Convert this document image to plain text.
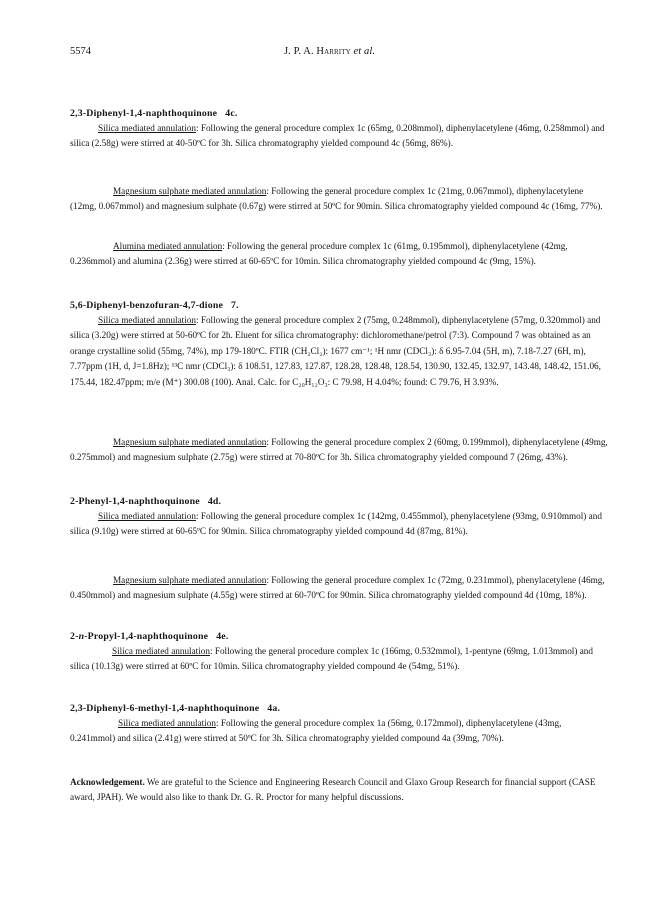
5574	J. P. A. Harrity et al.
2,3-Diphenyl-1,4-naphthoquinone 4c.

Silica mediated annulation: Following the general procedure complex 1c (65mg, 0.208mmol), diphenylacetylene (46mg, 0.258mmol) and silica (2.58g) were stirred at 40-50ºC for 3h. Silica chromatography yielded compound 4c (56mg, 86%).

Magnesium sulphate mediated annulation: Following the general procedure complex 1c (21mg, 0.067mmol), diphenylacetylene (12mg, 0.067mmol) and magnesium sulphate (0.67g) were stirred at 50ºC for 90min. Silica chromatography yielded compound 4c (16mg, 77%).

Alumina mediated annulation: Following the general procedure complex 1c (61mg, 0.195mmol), diphenylacetylene (42mg, 0.236mmol) and alumina (2.36g) were stirred at 60-65ºC for 10min. Silica chromatography yielded compound 4c (9mg, 15%).

5,6-Diphenyl-benzofuran-4,7-dione 7.

Silica mediated annulation: Following the general procedure complex 2 (75mg, 0.248mmol), diphenylacetylene (57mg, 0.320mmol) and silica (3.20g) were stirred at 50-60ºC for 2h. Eluent for silica chromatography: dichloromethane/petrol (7:3). Compound 7 was obtained as an orange crystalline solid (55mg, 74%), mp 179-180ºC. FTIR (CH₂Cl₂): 1677 cm⁻¹; ¹H nmr (CDCl₃): δ 6.95-7.04 (5H, m), 7.18-7.27 (6H, m), 7.77ppm (1H, d, J=1.8Hz); ¹³C nmr (CDCl₃): δ 108.51, 127.83, 127.87, 128.28, 128.48, 128.54, 130.90, 132.45, 132.97, 143.48, 148.42, 151.06, 175.44, 182.47ppm; m/e (M⁺) 300.08 (100). Anal. Calc. for C₂₀H₁₂O₃: C 79.98, H 4.04%; found: C 79.76, H 3.93%.

Magnesium sulphate mediated annulation: Following the general procedure complex 2 (60mg, 0.199mmol), diphenylacetylene (49mg, 0.275mmol) and magnesium sulphate (2.75g) were stirred at 70-80ºC for 3h. Silica chromatography yielded compound 7 (26mg, 43%).

2-Phenyl-1,4-naphthoquinone 4d.

Silica mediated annulation: Following the general procedure complex 1c (142mg, 0.455mmol), phenylacetylene (93mg, 0.910mmol) and silica (9.10g) were stirred at 60-65ºC for 90min. Silica chromatography yielded compound 4d (87mg, 81%).

Magnesium sulphate mediated annulation: Following the general procedure complex 1c (72mg, 0.231mmol), phenylacetylene (46mg, 0.450mmol) and magnesium sulphate (4.55g) were stirred at 60-70ºC for 90min. Silica chromatography yielded compound 4d (10mg, 18%).

2-n-Propyl-1,4-naphthoquinone 4e.

Silica mediated annulation: Following the general procedure complex 1c (166mg, 0.532mmol), 1-pentyne (69mg, 1.013mmol) and silica (10.13g) were stirred at 60ºC for 10min. Silica chromatography yielded compound 4e (54mg, 51%).

2,3-Diphenyl-6-methyl-1,4-naphthoquinone 4a.

Silica mediated annulation: Following the general procedure complex 1a (56mg, 0.172mmol), diphenylacetylene (43mg, 0.241mmol) and silica (2.41g) were stirred at 50ºC for 3h. Silica chromatography yielded compound 4a (39mg, 70%).

Acknowledgement. We are grateful to the Science and Engineering Research Council and Glaxo Group Research for financial support (CASE award, JPAH). We would also like to thank Dr. G. R. Proctor for many helpful discussions.
